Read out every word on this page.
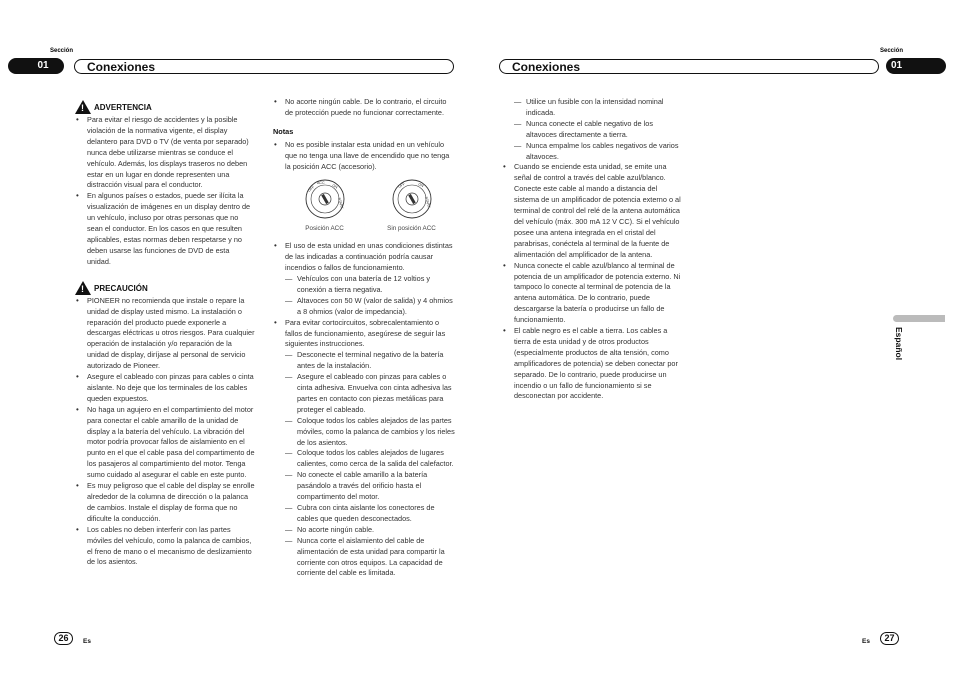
Sección
01	Conexiones
Sección
Conexiones	01
!
ADVERTENCIA
• Para evitar el riesgo de accidentes y la posible violación de la normativa vigente, el display delantero para DVD o TV (de venta por separado) nunca debe utilizarse mientras se conduce el vehículo. Además, los displays traseros no deben estar en un lugar en donde representen una distracción visual para el conductor.
• En algunos países o estados, puede ser ilícita la visualización de imágenes en un display dentro de un vehículo, incluso por otras personas que no sean el conductor. En los casos en que resulten aplicables, estas normas deben respetarse y no deben usarse las funciones de DVD de esta unidad.
!
PRECAUCIÓN
• PIONEER no recomienda que instale o repare la unidad de display usted mismo. La instalación o reparación del producto puede exponerle a descargas eléctricas u otros riesgos. Para cualquier operación de instalación y/o reparación de la unidad de display, diríjase al personal de servicio autorizado de Pioneer.
• Asegure el cableado con pinzas para cables o cinta aislante. No deje que los terminales de los cables queden expuestos.
• No haga un agujero en el compartimiento del motor para conectar el cable amarillo de la unidad de display a la batería del vehículo. La vibración del motor podría provocar fallos de aislamiento en el punto en el que el cable pasa del compartimento de los pasajeros al compartimiento del motor. Tenga sumo cuidado al asegurar el cable en este punto.
• Es muy peligroso que el cable del display se enrolle alrededor de la columna de dirección o la palanca de cambios. Instale el display de forma que no dificulte la conducción.
• Los cables no deben interferir con las partes móviles del vehículo, como la palanca de cambios, el freno de mano o el mecanismo de deslizamiento de los asientos.
• No acorte ningún cable. De lo contrario, el circuito de protección puede no funcionar correctamente.
Notas
• No es posible instalar esta unidad en un vehículo que no tenga una llave de encendido que no tenga la posición ACC (accesorio).
OFF
ACC
ON
START
Posición ACC
OFF	ON
START
Sin posición ACC

• El uso de esta unidad en unas condiciones distintas de las indicadas a continuación podría causar incendios o fallos de funcionamiento.

— Vehículos con una batería de 12 voltios y conexión a tierra negativa.
— Altavoces con 50 W (valor de salida) y 4 ohmios a 8 ohmios (valor de impedancia).

• Para evitar cortocircuitos, sobrecalentamiento o fallos de funcionamiento, asegúrese de seguir las siguientes instrucciones.

— Desconecte el terminal negativo de la batería antes de la instalación.
— Asegure el cableado con pinzas para cables o cinta adhesiva. Envuelva con cinta adhesiva las partes en contacto con piezas metálicas para proteger el cableado.
— Coloque todos los cables alejados de las partes móviles, como la palanca de cambios y los rieles de los asientos.
— Coloque todos los cables alejados de lugares calientes, como cerca de la salida del calefactor.
— No conecte el cable amarillo a la batería pasándolo a través del orificio hasta el compartimento del motor.
— Cubra con cinta aislante los conectores de cables que queden desconectados.
— No acorte ningún cable.
— Nunca corte el aislamiento del cable de alimentación de esta unidad para compartir la corriente con otros equipos. La capacidad de corriente del cable es limitada.
— Utilice un fusible con la intensidad nominal indicada.
— Nunca conecte el cable negativo de los altavoces directamente a tierra.
— Nunca empalme los cables negativos de varios altavoces.
• Cuando se enciende esta unidad, se emite una señal de control a través del cable azul/blanco. Conecte este cable al mando a distancia del sistema de un amplificador de potencia externo o al terminal de control del relé de la antena automática del vehículo (máx. 300 mA 12 V CC). Si el vehículo posee una antena integrada en el cristal del parabrisas, conéctela al terminal de la fuente de alimentación del amplificador de la antena.
• Nunca conecte el cable azul/blanco al terminal de potencia de un amplificador de potencia externo. Ni tampoco lo conecte al terminal de potencia de la antena automática. De lo contrario, puede descargarse la batería o producirse un fallo de funcionamiento.
• El cable negro es el cable a tierra. Los cables a tierra de esta unidad y de otros productos (especialmente productos de alta tensión, como amplificadores de potencia) se deben conectar por separado. De lo contrario, puede producirse un incendio o un fallo de funcionamiento si se desconectan por accidente.
Español
26	Es	Es	27
